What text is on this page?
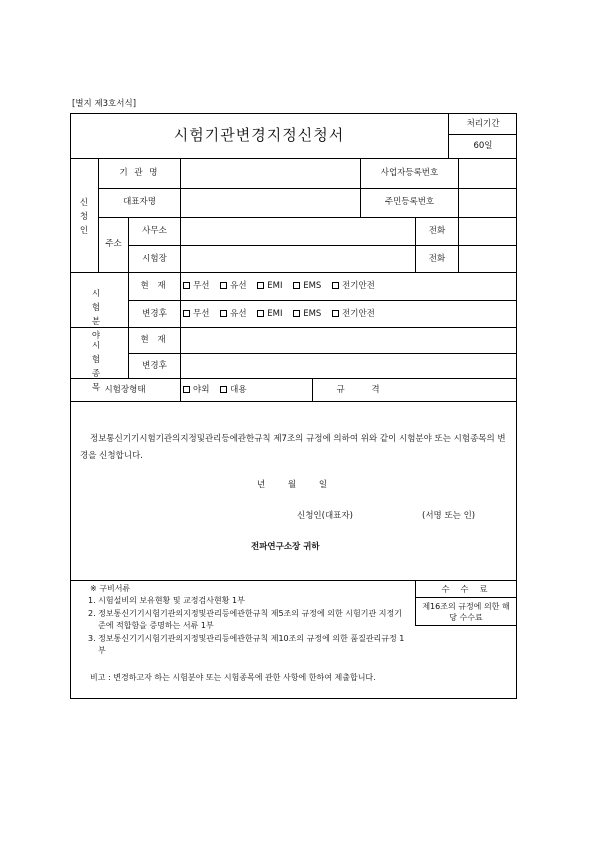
[별지 제3호서식]
시험기관변경지정신청서
처리기간
60일
신청인
기 관 명	사업자등록번호
대표자명	주민등록번호
주소
사무소	전화
시험장	전화
시험분야
현 재	무선 유선 EMI EMS 전기안전
변경후	무선 유선 EMI EMS 전기안전
시험종목
현 재
변경후
시험장형태	야외 대용	규 격
정보통신기기시험기관의지정및관리등에관한규칙 제7조의 규정에 의하여 위와 같이 시험분야 또는 시험종목의 변경을 신청합니다.
년 월 일
신청인(대표자)	(서명 또는 인)
전파연구소장 귀하
※ 구비서류
1. 시험설비의 보유현황 및 교정검사현황 1부
2. 정보통신기기시험기관의지정및관리등에관한규칙 제5조의 규정에 의한 시험기관 지정기준에 적합함을 증명하는 서류 1부
3. 정보통신기기시험기관의지정및관리등에관한규칙 제10조의 규정에 의한 품질관리규정 1부
비고 : 변경하고자 하는 시험분야 또는 시험종목에 관한 사항에 한하여 제출합니다.
수 수 료
제16조의 규정에 의한 해당 수수료
